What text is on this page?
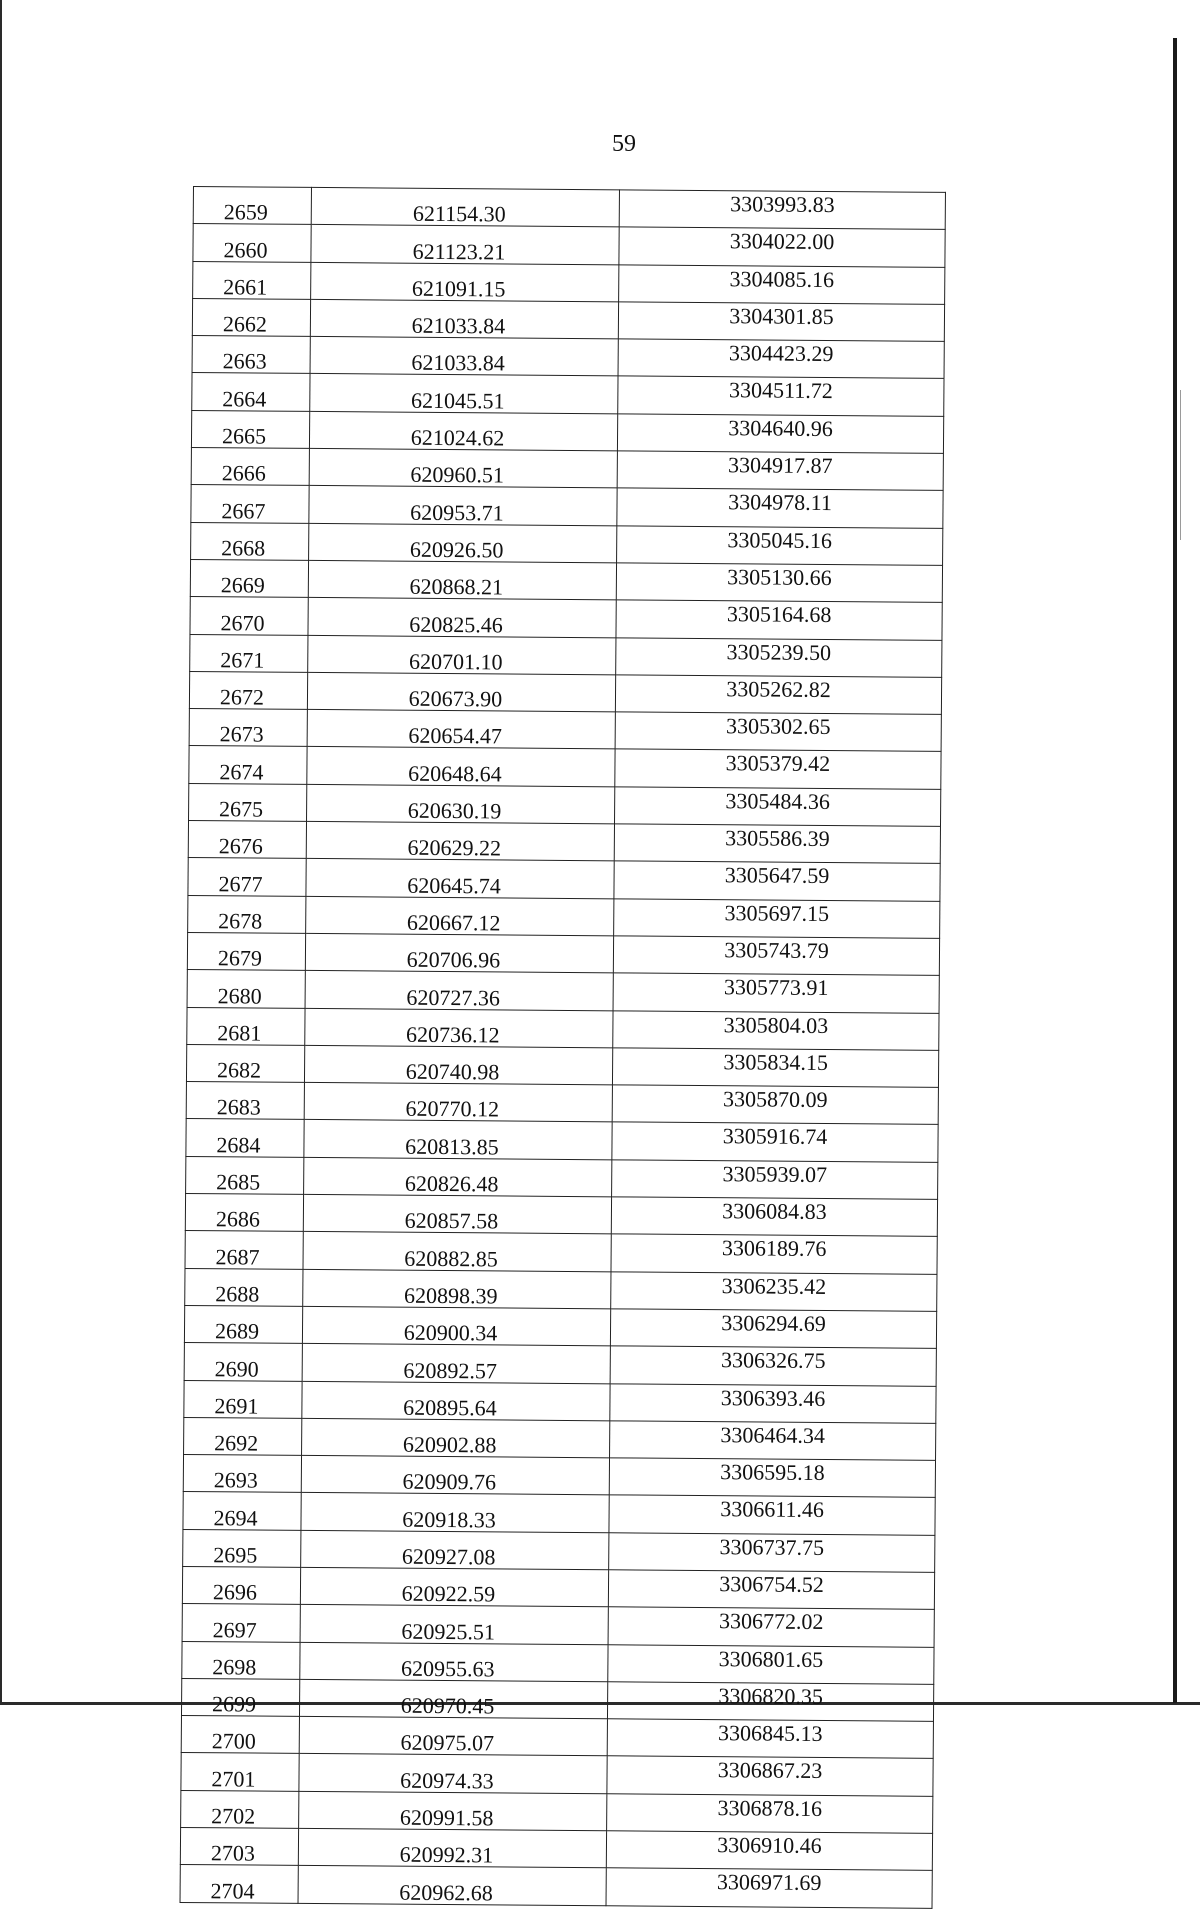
59
2659	621154.30	3303993.83
2660	621123.21	3304022.00
2661	621091.15	3304085.16
2662	621033.84	3304301.85
2663	621033.84	3304423.29
2664	621045.51	3304511.72
2665	621024.62	3304640.96
2666	620960.51	3304917.87
2667	620953.71	3304978.11
2668	620926.50	3305045.16
2669	620868.21	3305130.66
2670	620825.46	3305164.68
2671	620701.10	3305239.50
2672	620673.90	3305262.82
2673	620654.47	3305302.65
2674	620648.64	3305379.42
2675	620630.19	3305484.36
2676	620629.22	3305586.39
2677	620645.74	3305647.59
2678	620667.12	3305697.15
2679	620706.96	3305743.79
2680	620727.36	3305773.91
2681	620736.12	3305804.03
2682	620740.98	3305834.15
2683	620770.12	3305870.09
2684	620813.85	3305916.74
2685	620826.48	3305939.07
2686	620857.58	3306084.83
2687	620882.85	3306189.76
2688	620898.39	3306235.42
2689	620900.34	3306294.69
2690	620892.57	3306326.75
2691	620895.64	3306393.46
2692	620902.88	3306464.34
2693	620909.76	3306595.18
2694	620918.33	3306611.46
2695	620927.08	3306737.75
2696	620922.59	3306754.52
2697	620925.51	3306772.02
2698	620955.63	3306801.65
2699	620970.45	3306820.35
2700	620975.07	3306845.13
2701	620974.33	3306867.23
2702	620991.58	3306878.16
2703	620992.31	3306910.46
2704	620962.68	3306971.69
